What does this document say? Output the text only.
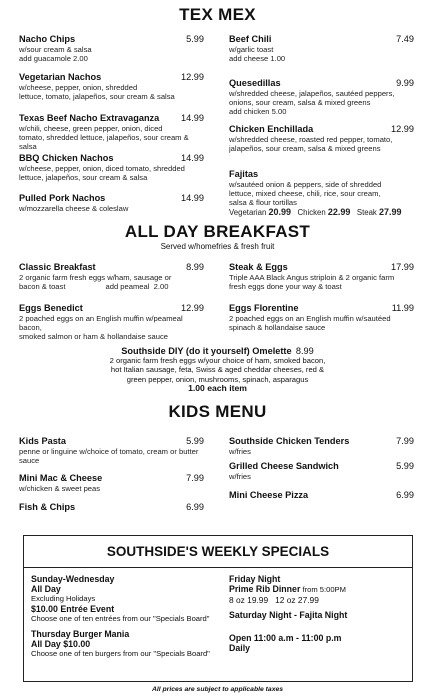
TEX MEX
Nacho Chips	5.99
w/sour cream & salsa
add guacamole 2.00
Vegetarian Nachos	12.99
w/cheese, pepper, onion, shredded
lettuce, tomato, jalapeños, sour cream & salsa
Texas Beef Nacho Extravaganza 14.99
w/chili, cheese, green pepper, onion, diced
tomato, shredded lettuce, jalapeños, sour cream & salsa
BBQ Chicken Nachos	14.99
w/cheese, pepper, onion, diced tomato, shredded
lettuce, jalapeños, sour cream & salsa
Pulled Pork Nachos	14.99
w/mozzarella cheese & coleslaw
Beef Chili	7.49
w/garlic toast
add cheese 1.00
Quesedillas	9.99
w/shredded cheese, jalapeños, sautéed peppers,
onions, sour cream, salsa & mixed greens
add chicken 5.00
Chicken Enchillada	12.99
w/shredded cheese, roasted red pepper, tomato,
jalapeños, sour cream, salsa & mixed greens
Fajitas
w/sautéed onion & peppers, side of shredded
lettuce, mixed cheese, chili, rice, sour cream,
salsa & flour tortillas
Vegetarian 20.99 Chicken 22.99 Steak 27.99
ALL DAY BREAKFAST
Served w/homefries & fresh fruit
Classic Breakfast	8.99
2 organic farm fresh eggs w/ham, sausage or
bacon & toast                   add peameal  2.00
Eggs Benedict	12.99
2 poached eggs on an English muffin w/peameal bacon,
smoked salmon or ham & hollandaise sauce
Steak & Eggs	17.99
Triple AAA Black Angus striploin & 2 organic farm
fresh eggs done your way & toast
Eggs Florentine	11.99
2 poached eggs on an English muffin w/sautéed
spinach & hollandaise sauce
Southside DIY (do it yourself) Omelette 8.99
2 organic farm fresh eggs w/your choice of ham, smoked bacon,
hot Italian sausage, feta, Swiss & aged cheddar cheeses, red &
green pepper, onion, mushrooms, spinach, asparagus
1.00 each item
KIDS MENU
Kids Pasta	5.99
penne or linguine w/choice of tomato, cream or butter
sauce
Mini Mac & Cheese	7.99
w/chicken & sweet peas
Fish & Chips	6.99
Southside Chicken Tenders	7.99
w/fries
Grilled Cheese Sandwich	5.99
w/fries
Mini Cheese Pizza	6.99
SOUTHSIDE'S WEEKLY SPECIALS
Sunday-Wednesday
All Day
Excluding Holidays
$10.00 Entrée Event
Choose one of ten entrées from our "Specials Board"
Thursday Burger Mania
All Day $10.00
Choose one of ten burgers from our "Specials Board"
Friday Night
Prime Rib Dinner from 5:00PM
8 oz 19.99   12 oz 27.99
Saturday Night - Fajita Night
Open 11:00 a.m - 11:00 p.m
Daily
All prices are subject to applicable taxes
